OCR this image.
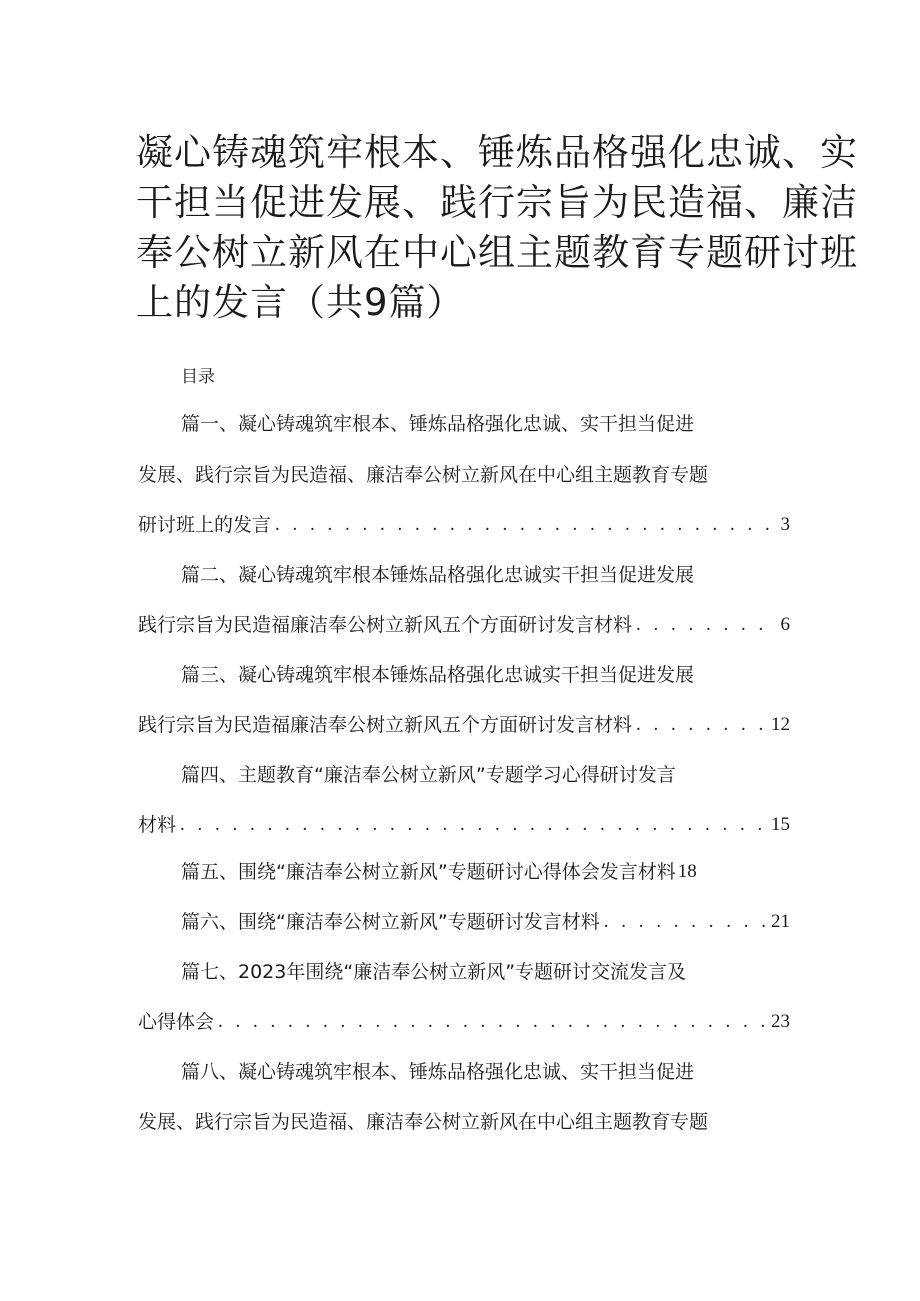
凝心铸魂筑牢根本、锤炼品格强化忠诚、实
干担当促进发展、践行宗旨为民造福、廉洁
奉公树立新风在中心组主题教育专题研讨班
上的发言（共9篇）
目录
篇一、凝心铸魂筑牢根本、锤炼品格强化忠诚、实干担当促进
发展、践行宗旨为民造福、廉洁奉公树立新风在中心组主题教育专题
研讨班上的发言 . . .	3
篇二、凝心铸魂筑牢根本锤炼品格强化忠诚实干担当促进发展
践行宗旨为民造福廉洁奉公树立新风五个方面研讨发言材料 . . .	6
篇三、凝心铸魂筑牢根本锤炼品格强化忠诚实干担当促进发展
践行宗旨为民造福廉洁奉公树立新风五个方面研讨发言材料 . . .	12
篇四、主题教育“廉洁奉公树立新风”专题学习心得研讨发言
材料 . . .	15
篇五、围绕“廉洁奉公树立新风”专题研讨心得体会发言材料 18
篇六、围绕“廉洁奉公树立新风”专题研讨发言材料 . . .	21
篇七、2023年围绕“廉洁奉公树立新风”专题研讨交流发言及
心得体会 . . .	23
篇八、凝心铸魂筑牢根本、锤炼品格强化忠诚、实干担当促进
发展、践行宗旨为民造福、廉洁奉公树立新风在中心组主题教育专题
